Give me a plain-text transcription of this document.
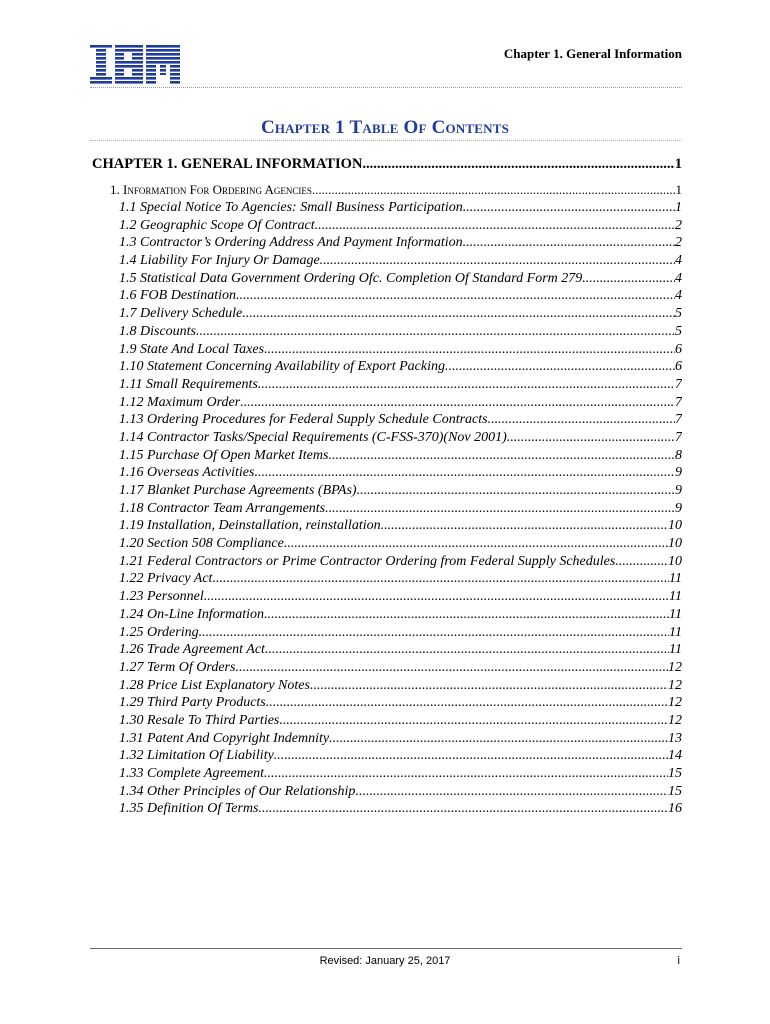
Chapter 1. General Information
Chapter 1 Table Of Contents
CHAPTER 1. GENERAL INFORMATION .....	1
1. Information For Ordering Agencies .....	1
1.1 Special Notice To Agencies: Small Business Participation .....	1
1.2 Geographic Scope Of Contract .....	2
1.3 Contractor’s Ordering Address And Payment Information .....	2
1.4 Liability For Injury Or Damage .....	4
1.5 Statistical Data Government Ordering Ofc. Completion Of Standard Form 279 .....	4
1.6 FOB Destination .....	4
1.7 Delivery Schedule .....	5
1.8 Discounts .....	5
1.9 State And Local Taxes .....	6
1.10 Statement Concerning Availability of Export Packing .....	6
1.11 Small Requirements .....	7
1.12 Maximum Order .....	7
1.13 Ordering Procedures for Federal Supply Schedule Contracts .....	7
1.14 Contractor Tasks/Special Requirements (C-FSS-370)(Nov 2001) .....	7
1.15 Purchase Of Open Market Items .....	8
1.16 Overseas Activities .....	9
1.17 Blanket Purchase Agreements (BPAs) .....	9
1.18 Contractor Team Arrangements .....	9
1.19 Installation, Deinstallation, reinstallation .....	10
1.20 Section 508 Compliance .....	10
1.21 Federal Contractors or Prime Contractor Ordering from Federal Supply Schedules .....	10
1.22 Privacy Act .....	11
1.23 Personnel .....	11
1.24 On-Line Information .....	11
1.25 Ordering .....	11
1.26 Trade Agreement Act .....	11
1.27 Term Of Orders .....	12
1.28 Price List Explanatory Notes .....	12
1.29 Third Party Products .....	12
1.30 Resale To Third Parties .....	12
1.31 Patent And Copyright Indemnity .....	13
1.32 Limitation Of Liability .....	14
1.33 Complete Agreement .....	15
1.34 Other Principles of Our Relationship .....	15
1.35 Definition Of Terms .....	16
Revised: January 25, 2017	i
